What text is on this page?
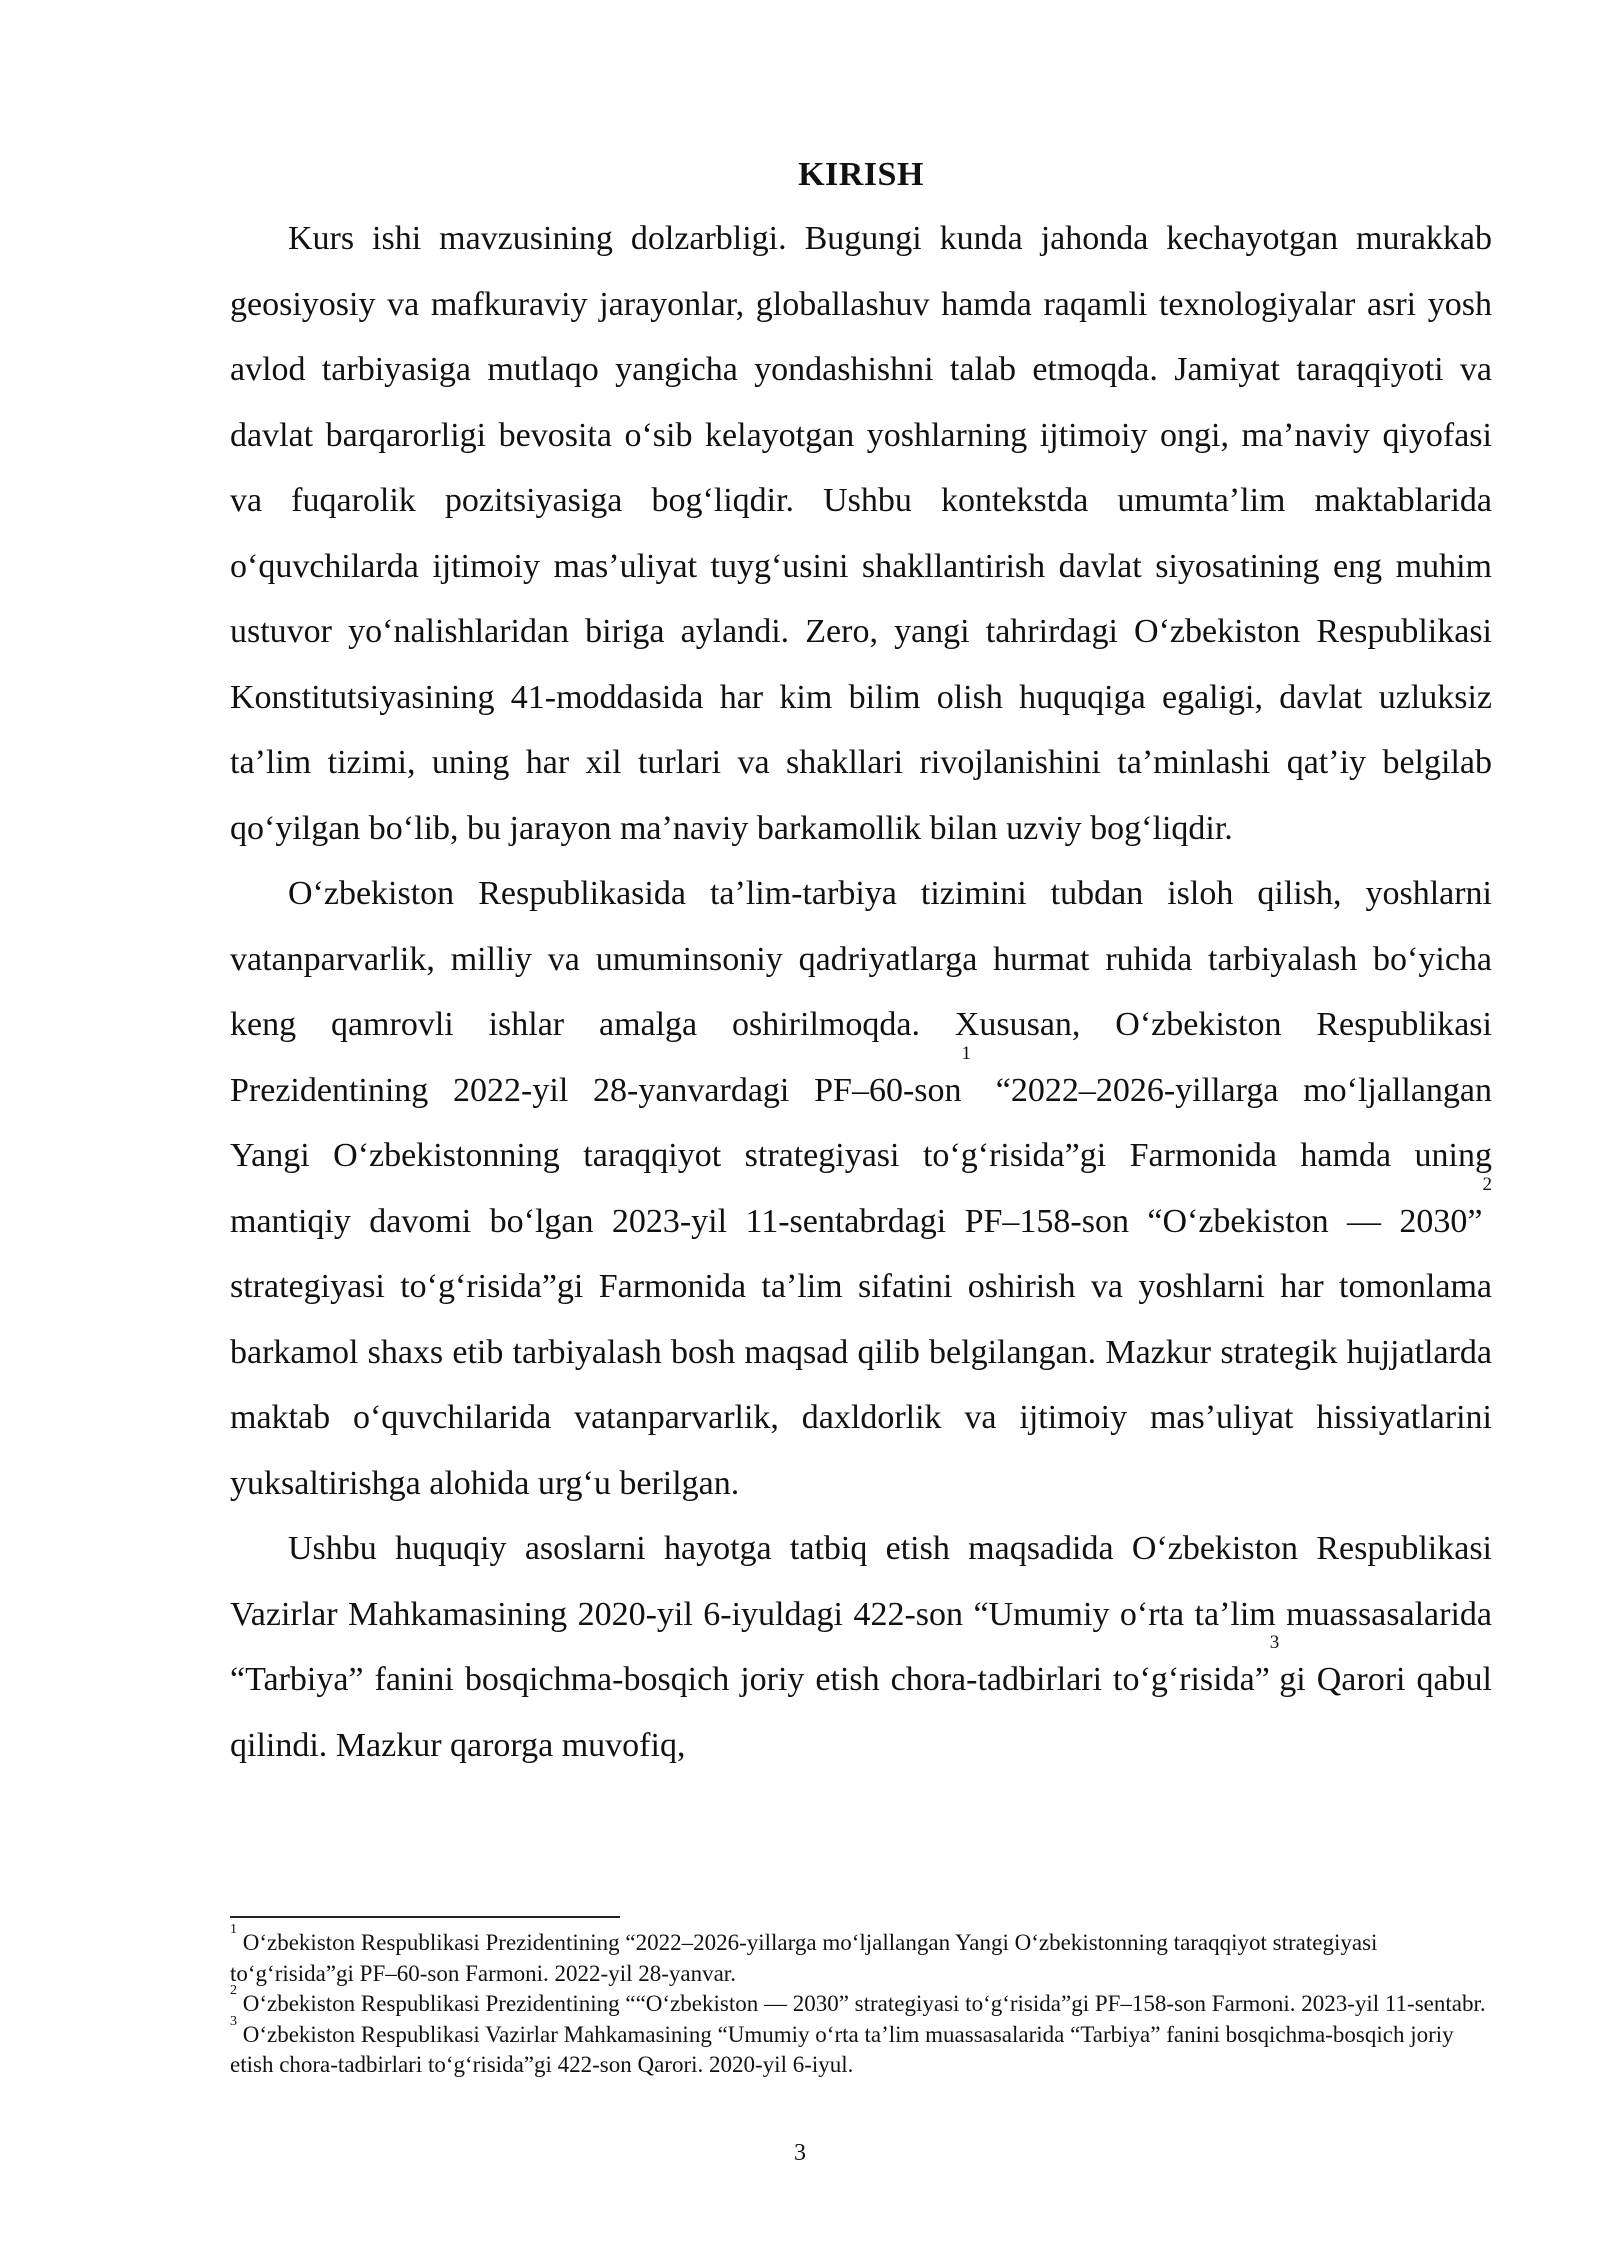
KIRISH

Kurs ishi mavzusining dolzarbligi. Bugungi kunda jahonda kechayotgan murakkab geosiyosiy va mafkuraviy jarayonlar, globallashuv hamda raqamli texnologiyalar asri yosh avlod tarbiyasiga mutlaqo yangicha yondashishni talab etmoqda. Jamiyat taraqqiyoti va davlat barqarorligi bevosita oʻsib kelayotgan yoshlarning ijtimoiy ongi, maʼnaviy qiyofasi va fuqarolik pozitsiyasiga bogʻliqdir. Ushbu kontekstda umumtaʼlim maktablarida oʻquvchilarda ijtimoiy masʼuliyat tuygʻusini shakllantirish davlat siyosatining eng muhim ustuvor yoʻnalishlaridan biriga aylandi. Zero, yangi tahrirdagi Oʻzbekiston Respublikasi Konstitutsiyasining 41-moddasida har kim bilim olish huquqiga egaligi, davlat uzluksiz taʼlim tizimi, uning har xil turlari va shakllari rivojlanishini taʼminlashi qatʼiy belgilab qoʻyilgan boʻlib, bu jarayon maʼnaviy barkamollik bilan uzviy bogʻliqdir.

Oʻzbekiston Respublikasida taʼlim-tarbiya tizimini tubdan isloh qilish, yoshlarni vatanparvarlik, milliy va umuminsoniy qadriyatlarga hurmat ruhida tarbiyalash boʻyicha keng qamrovli ishlar amalga oshirilmoqda. Xususan, Oʻzbekiston Respublikasi Prezidentining 2022-yil 28-yanvardagi PF–60-son$^1$ “2022–2026-yillarga moʻljallangan Yangi Oʻzbekistonning taraqqiyot strategiyasi toʻgʻrisida”gi Farmonida hamda uning mantiqiy davomi boʻlgan 2023-yil 11-sentabrdagi PF–158-son “Oʻzbekiston — 2030”$^2$ strategiyasi toʻgʻrisida”gi Farmonida taʼlim sifatini oshirish va yoshlarni har tomonlama barkamol shaxs etib tarbiyalash bosh maqsad qilib belgilangan. Mazkur strategik hujjatlarda maktab oʻquvchilarida vatanparvarlik, daxldorlik va ijtimoiy masʼuliyat hissiyatlarini yuksaltirishga alohida urgʻu berilgan.

Ushbu huquqiy asoslarni hayotga tatbiq etish maqsadida Oʻzbekiston Respublikasi Vazirlar Mahkamasining 2020-yil 6-iyuldagi 422-son “Umumiy oʻrta taʼlim muassasalarida “Tarbiya” fanini bosqichma-bosqich joriy etish chora-tadbirlari toʻgʻrisida”$^3$gi Qarori qabul qilindi. Mazkur qarorga muvofiq,

$^1$ Oʻzbekiston Respublikasi Prezidentining “2022–2026-yillarga moʻljallangan Yangi Oʻzbekistonning taraqqiyot strategiyasi toʻgʻrisida”gi PF–60-son Farmoni. 2022-yil 28-yanvar.

$^2$ Oʻzbekiston Respublikasi Prezidentining ““Oʻzbekiston — 2030” strategiyasi toʻgʻrisida”gi PF–158-son Farmoni. 2023-yil 11-sentabr.

$^3$ Oʻzbekiston Respublikasi Vazirlar Mahkamasining “Umumiy oʻrta taʼlim muassasalarida “Tarbiya” fanini bosqichma-bosqich joriy etish chora-tadbirlari toʻgʻrisida”gi 422-son Qarori. 2020-yil 6-iyul.

3
